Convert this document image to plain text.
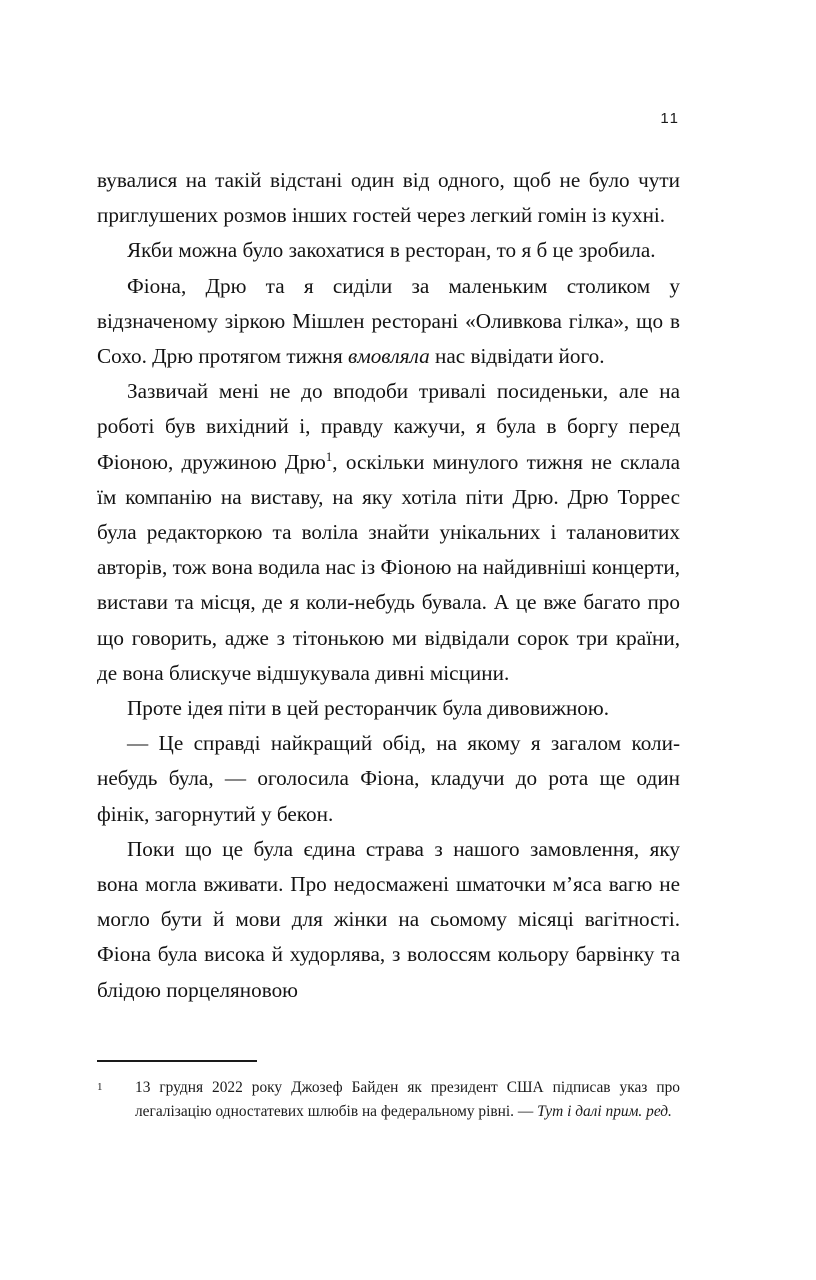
11

вувалися на такій відстані один від одного, щоб не було чути приглушених розмов інших гостей через легкий гомін із кухні.

Якби можна було закохатися в ресторан, то я б це зробила.

Фіона, Дрю та я сиділи за маленьким столиком у відзначеному зіркою Мішлен ресторані «Оливкова гілка», що в Сохо. Дрю протягом тижня вмовляла нас відвідати його.

Зазвичай мені не до вподоби тривалі посиденьки, але на роботі був вихідний і, правду кажучи, я була в боргу перед Фіоною, дружиною Дрю$^1$, оскільки минулого тижня не склала їм компанію на виставу, на яку хотіла піти Дрю. Дрю Торрес була редакторкою та воліла знайти унікальних і талановитих авторів, тож вона водила нас із Фіоною на найдивніші концерти, вистави та місця, де я коли-небудь бувала. А це вже багато про що говорить, адже з тітонькою ми відвідали сорок три країни, де вона блискуче відшукувала дивні місцини.

Проте ідея піти в цей ресторанчик була дивовижною.

— Це справді найкращий обід, на якому я загалом коли-небудь була, — оголосила Фіона, кладучи до рота ще один фінік, загорнутий у бекон.

Поки що це була єдина страва з нашого замовлення, яку вона могла вживати. Про недосмажені шматочки м’яса вагю не могло бути й мови для жінки на сьомому місяці вагітності. Фіона була висока й худорлява, з волоссям кольору барвінку та блідою порцеляновою

1 13 грудня 2022 року Джозеф Байден як президент США підписав указ про легалізацію одностатевих шлюбів на федеральному рівні. — Тут і далі прим. ред.
